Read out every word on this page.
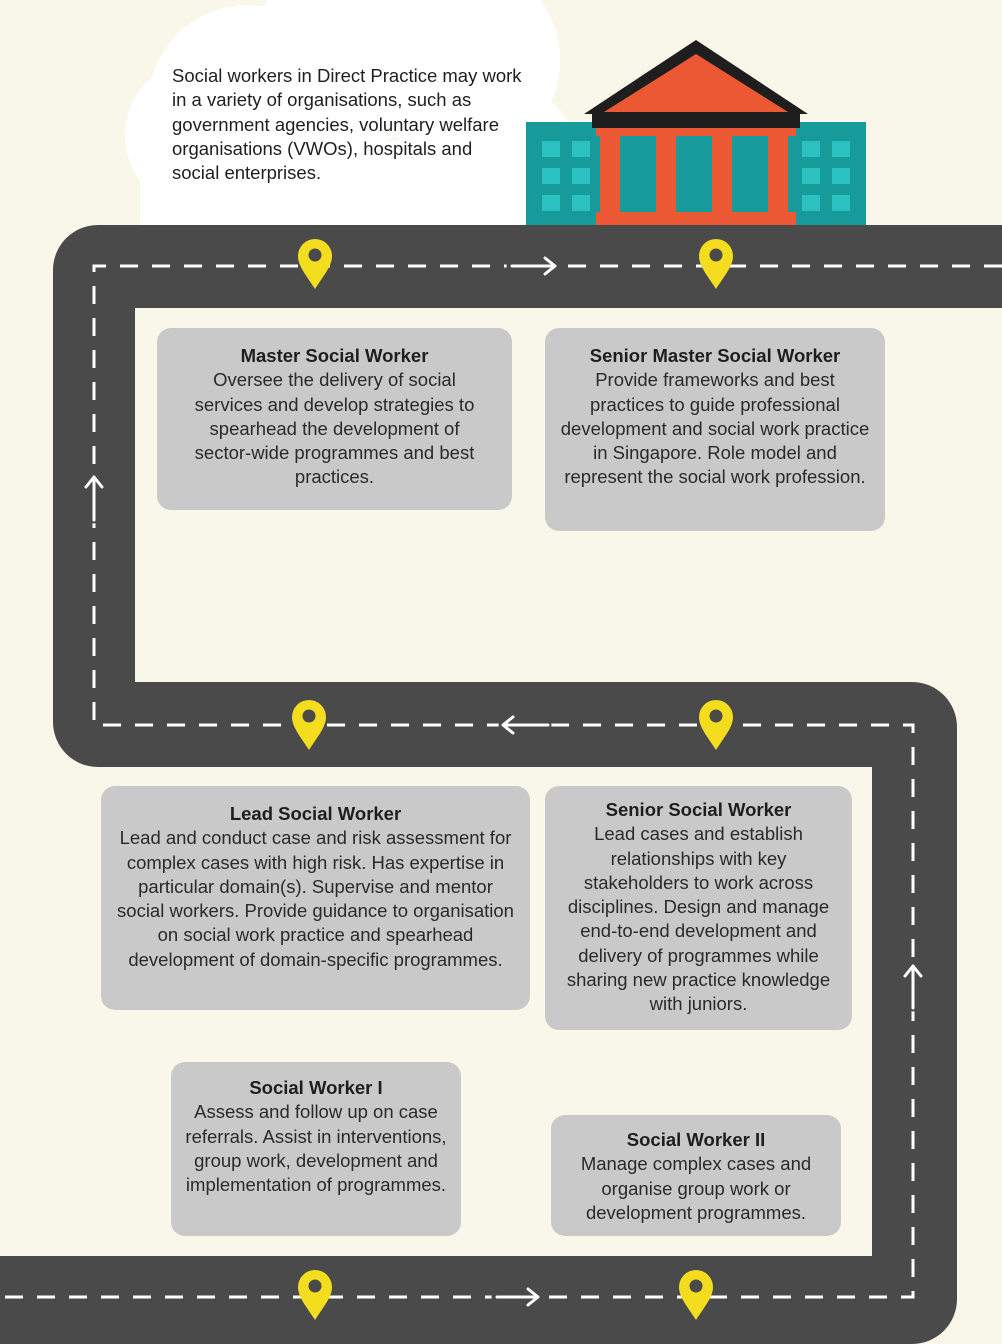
Social workers in Direct Practice may work in a variety of organisations, such as government agencies, voluntary welfare organisations (VWOs), hospitals and social enterprises.

Master Social Worker

Oversee the delivery of social services and develop strategies to spearhead the development of sector-wide programmes and best practices.

Senior Master Social Worker

Provide frameworks and best practices to guide professional development and social work practice in Singapore. Role model and represent the social work profession.

Lead Social Worker

Lead and conduct case and risk assessment for complex cases with high risk. Has expertise in particular domain(s). Supervise and mentor social workers. Provide guidance to organisation on social work practice and spearhead development of domain-specific programmes.

Senior Social Worker

Lead cases and establish relationships with key stakeholders to work across disciplines. Design and manage end-to-end development and delivery of programmes while sharing new practice knowledge with juniors.

Social Worker I

Assess and follow up on case referrals. Assist in interventions, group work, development and implementation of programmes.

Social Worker II

Manage complex cases and organise group work or development programmes.
